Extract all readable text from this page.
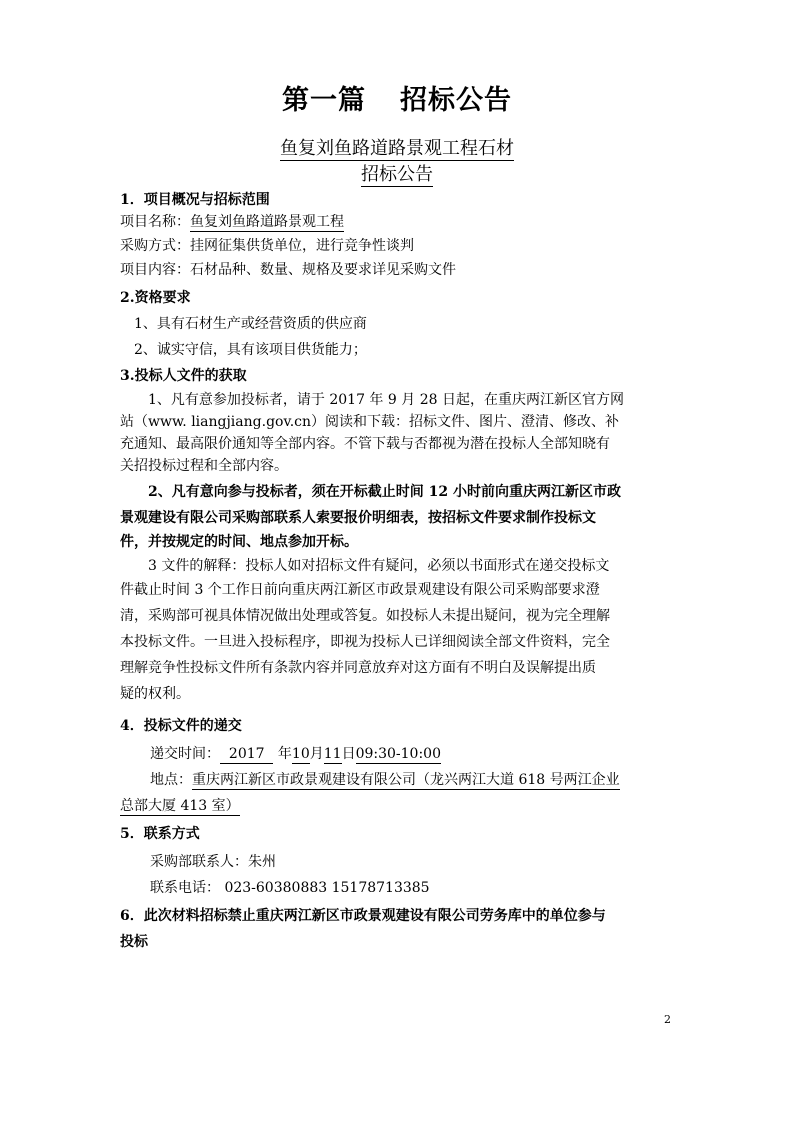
第一篇 招标公告
鱼复刘鱼路道路景观工程石材
招标公告
1．项目概况与招标范围
项目名称：鱼复刘鱼路道路景观工程
采购方式：挂网征集供货单位，进行竞争性谈判
项目内容：石材品种、数量、规格及要求详见采购文件
2.资格要求
1、具有石材生产或经营资质的供应商
2、诚实守信，具有该项目供货能力；
3.投标人文件的获取
1、凡有意参加投标者，请于 2017 年 9 月 28 日起，在重庆两江新区官方网
站（www. liangjiang.gov.cn）阅读和下载：招标文件、图片、澄清、修改、补
充通知、最高限价通知等全部内容。不管下载与否都视为潜在投标人全部知晓有
关招投标过程和全部内容。
2、凡有意向参与投标者，须在开标截止时间 12 小时前向重庆两江新区市政
景观建设有限公司采购部联系人索要报价明细表，按招标文件要求制作投标文
件，并按规定的时间、地点参加开标。
3 文件的解释：投标人如对招标文件有疑问，必须以书面形式在递交投标文
件截止时间 3 个工作日前向重庆两江新区市政景观建设有限公司采购部要求澄
清，采购部可视具体情况做出处理或答复。如投标人未提出疑问，视为完全理解
本投标文件。一旦进入投标程序，即视为投标人已详细阅读全部文件资料，完全
理解竞争性投标文件所有条款内容并同意放弃对这方面有不明白及误解提出质
疑的权利。
4．投标文件的递交
递交时间： 2017 年10月11日09:30-10:00
地点：重庆两江新区市政景观建设有限公司（龙兴两江大道 618 号两江企业
总部大厦 413 室）
5．联系方式
采购部联系人：朱州
联系电话： 023-60380883 15178713385
6．此次材料招标禁止重庆两江新区市政景观建设有限公司劳务库中的单位参与
投标
2
